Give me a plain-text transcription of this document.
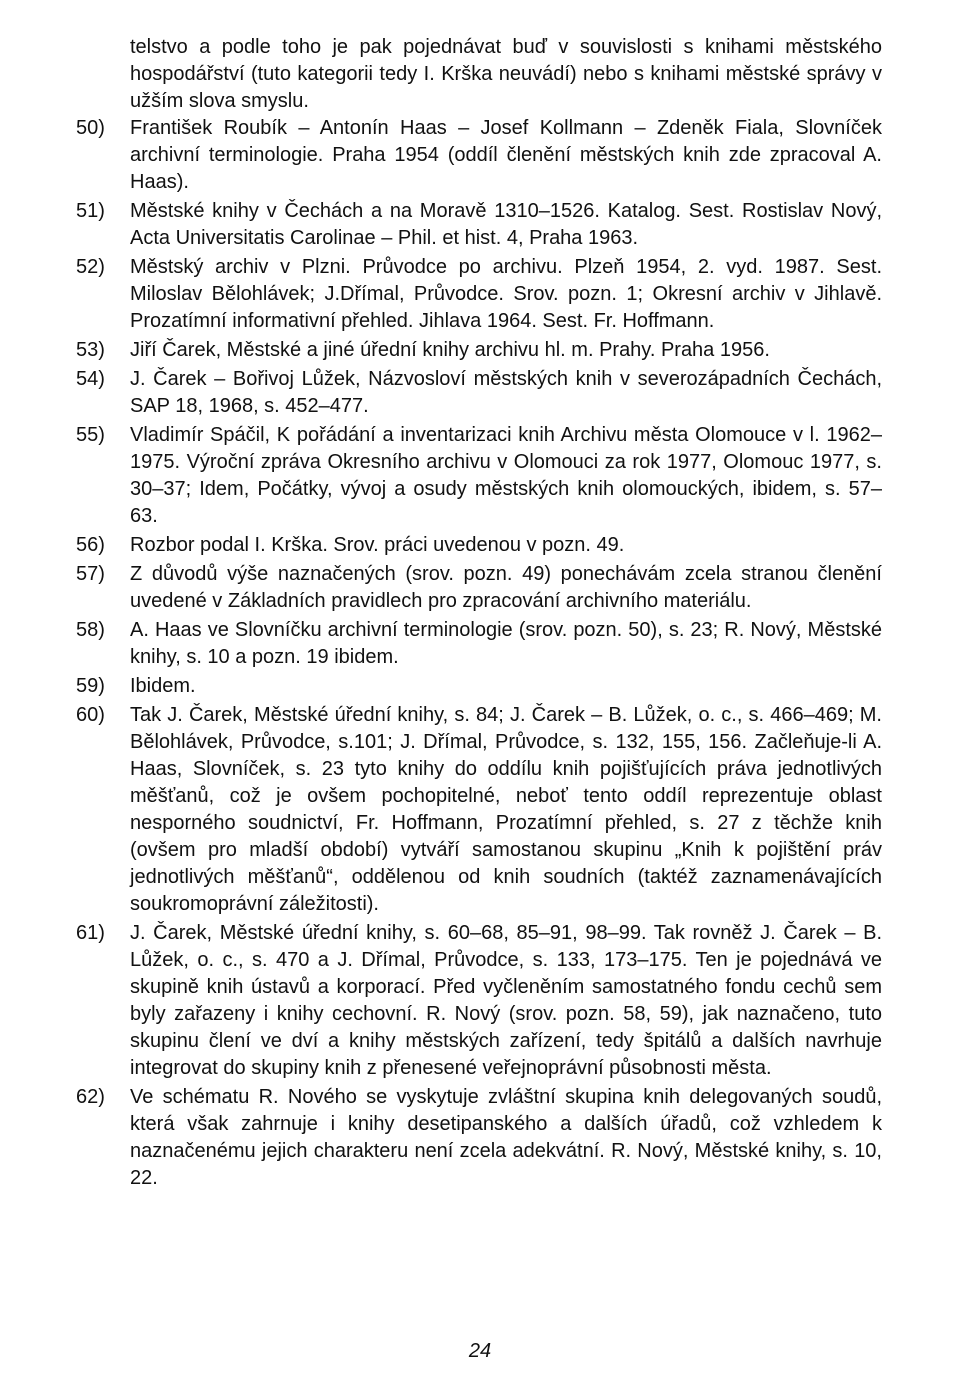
telstvo a podle toho je pak pojednávat buď v souvislosti s knihami městského hospodářství (tuto kategorii tedy I. Krška neuvádí) nebo s knihami městské správy v užším slova smyslu.

50)	František Roubík – Antonín Haas – Josef Kollmann – Zdeněk Fiala, Slovníček archivní terminologie. Praha 1954 (oddíl členění městských knih zde zpracoval A. Haas).
51)	Městské knihy v Čechách a na Moravě 1310–1526. Katalog. Sest. Rostislav Nový, Acta Universitatis Carolinae – Phil. et hist. 4, Praha 1963.
52)	Městský archiv v Plzni. Průvodce po archivu. Plzeň 1954, 2. vyd. 1987. Sest. Miloslav Bělohlávek; J.Dřímal, Průvodce. Srov. pozn. 1; Okresní archiv v Jihlavě. Prozatímní informativní přehled. Jihlava 1964. Sest. Fr. Hoffmann.
53)	Jiří Čarek, Městské a jiné úřední knihy archivu hl. m. Prahy. Praha 1956.
54)	J. Čarek – Bořivoj Lůžek, Názvosloví městských knih v severozápadních Čechách, SAP 18, 1968, s. 452–477.
55)	Vladimír Spáčil, K pořádání a inventarizaci knih Archivu města Olomouce v l. 1962–1975. Výroční zpráva Okresního archivu v Olomouci za rok 1977, Olomouc 1977, s. 30–37; Idem, Počátky, vývoj a osudy městských knih olomouckých, ibidem, s. 57–63.
56)	Rozbor podal I. Krška. Srov. práci uvedenou v pozn. 49.
57)	Z důvodů výše naznačených (srov. pozn. 49) ponechávám zcela stranou členění uvedené v Základních pravidlech pro zpracování archivního materiálu.
58)	A. Haas ve Slovníčku archivní terminologie (srov. pozn. 50), s. 23; R. Nový, Městské knihy, s. 10 a pozn. 19 ibidem.
59)	Ibidem.
60)	Tak J. Čarek, Městské úřední knihy, s. 84; J. Čarek – B. Lůžek, o. c., s. 466–469; M. Bělohlávek, Průvodce, s.101; J. Dřímal, Průvodce, s. 132, 155, 156. Začleňuje-li A. Haas, Slovníček, s. 23 tyto knihy do oddílu knih pojišťujících práva jednotlivých měšťanů, což je ovšem pochopitelné, neboť tento oddíl reprezentuje oblast nesporného soudnictví, Fr. Hoffmann, Prozatímní přehled, s. 27 z těchže knih (ovšem pro mladší období) vytváří samostanou skupinu „Knih k pojištění práv jednotlivých měšťanů“, oddělenou od knih soudních (taktéž zaznamenávajících soukromoprávní záležitosti).
61)	J. Čarek, Městské úřední knihy, s. 60–68, 85–91, 98–99. Tak rovněž J. Čarek – B. Lůžek, o. c., s. 470 a J. Dřímal, Průvodce, s. 133, 173–175. Ten je pojednává ve skupině knih ústavů a korporací. Před vyčleněním samostatného fondu cechů sem byly zařazeny i knihy cechovní. R. Nový (srov. pozn. 58, 59), jak naznačeno, tuto skupinu člení ve dví a knihy městských zařízení, tedy špitálů a dalších navrhuje integrovat do skupiny knih z přenesené veřejnoprávní působnosti města.
62)	Ve schématu R. Nového se vyskytuje zvláštní skupina knih delegovaných soudů, která však zahrnuje i knihy desetipanského a dalších úřadů, což vzhledem k naznačenému jejich charakteru není zcela adekvátní. R. Nový, Městské knihy, s. 10, 22.
24
